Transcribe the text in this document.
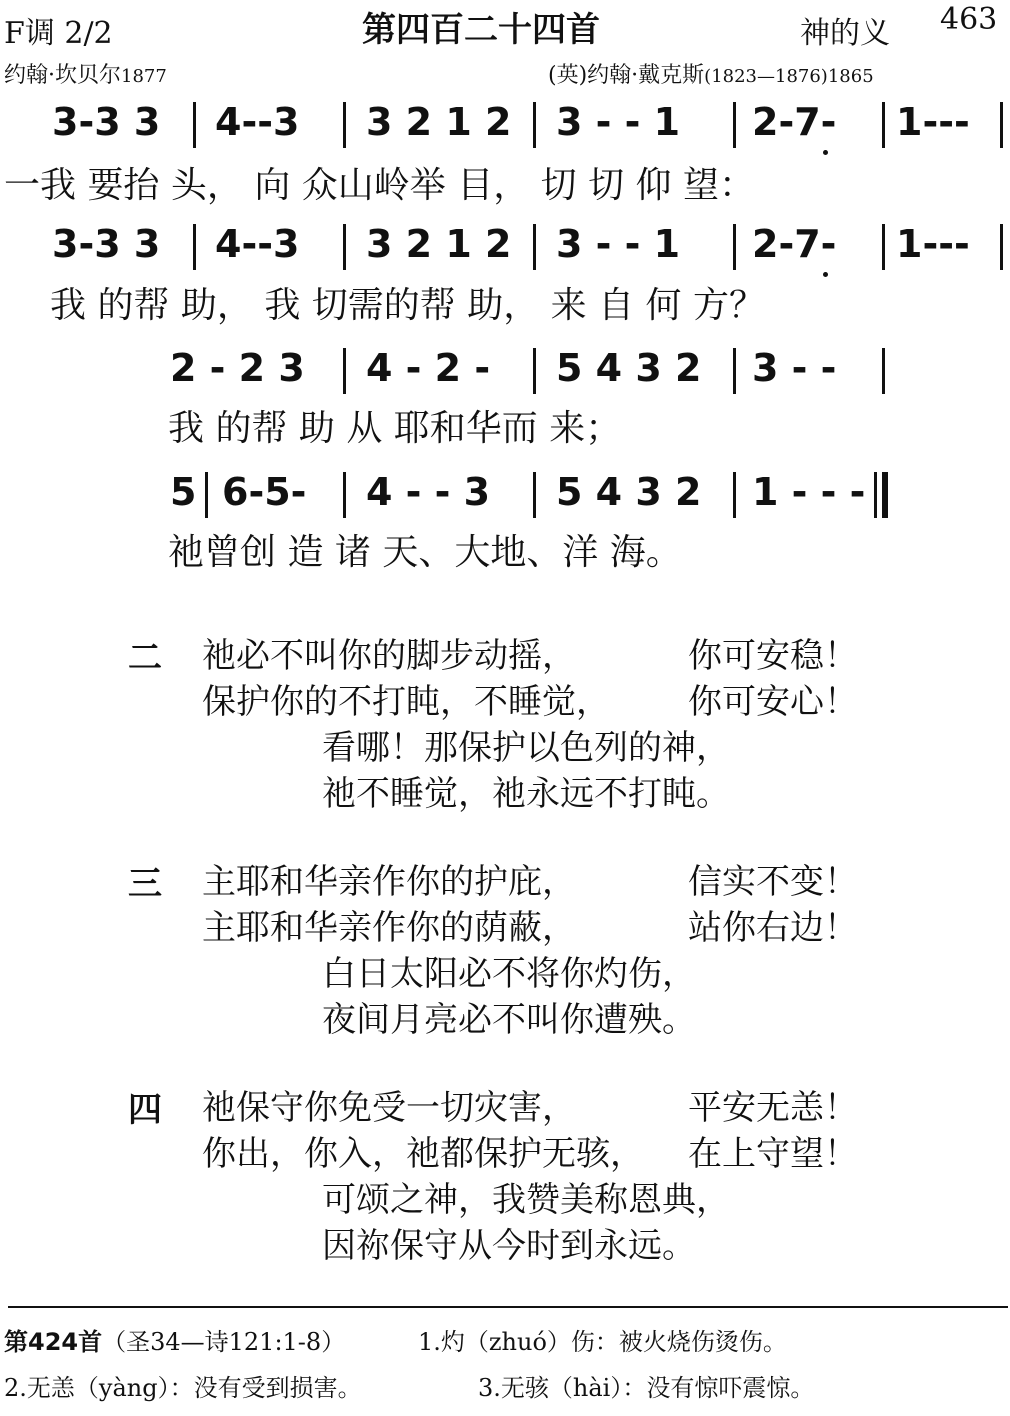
F调 2/2	第四百二十四首	神的义 463
约翰·坎贝尔1877	(英)约翰·戴克斯(1823—1876)1865
3-3 3 4--3 3 2 1 2 3 - - 1 2-7- 1---
一我 要抬 头， 向 众山岭举 目， 切 切 仰 望：
3-3 3 4--3 3 2 1 2 3 - - 1 2-7- 1---
我 的帮 助， 我 切需的帮 助， 来 自 何 方？
2 - 2 3 4 - 2 - 5 4 3 2 3 - -
我 的帮 助 从 耶和华而 来；
5 6-5- 4 - - 3 5 4 3 2 1 - - -
祂曾创 造 诸 天、大地、洋 海。
二 祂必不叫你的脚步动摇，	你可安稳！
保护你的不打盹，不睡觉， 你可安心！
看哪！那保护以色列的神，
祂不睡觉，祂永远不打盹。
三 主耶和华亲作你的护庇，	信实不变！
主耶和华亲作你的荫蔽，	站你右边！
白日太阳必不将你灼伤，
夜间月亮必不叫你遭殃。
四 祂保守你免受一切灾害，	平安无恙！
你出，你入，祂都保护无骇， 在上守望！
可颂之神，我赞美称恩典，
因祢保守从今时到永远。
第424首（圣34—诗121:1-8）	1.灼（zhuó）伤：被火烧伤烫伤。
2.无恙（yàng）：没有受到损害。	3.无骇（hài）：没有惊吓震惊。
